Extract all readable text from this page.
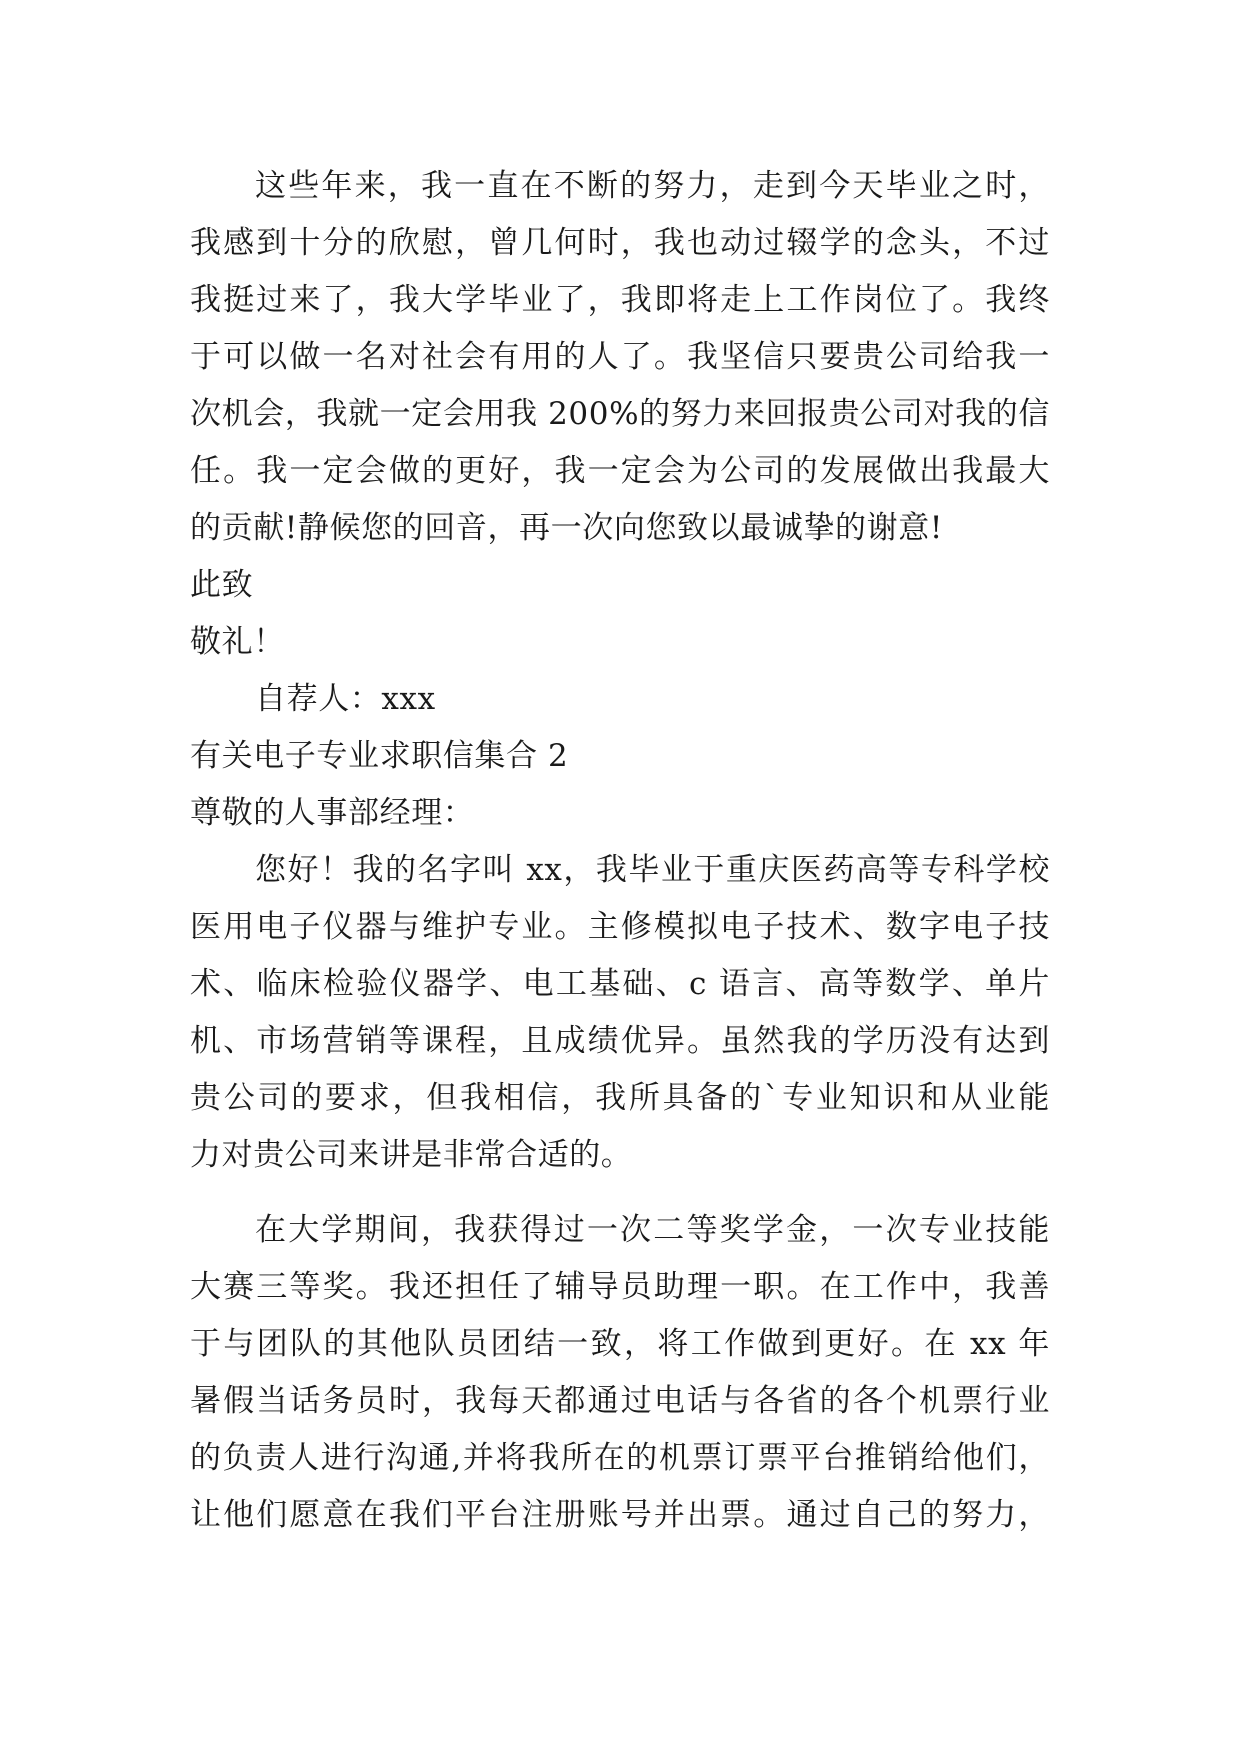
这些年来，我一直在不断的努力，走到今天毕业之时，
我感到十分的欣慰，曾几何时，我也动过辍学的念头，不过
我挺过来了，我大学毕业了，我即将走上工作岗位了。我终
于可以做一名对社会有用的人了。我坚信只要贵公司给我一
次机会，我就一定会用我 200%的努力来回报贵公司对我的信
任。我一定会做的更好，我一定会为公司的发展做出我最大
的贡献!静候您的回音，再一次向您致以最诚挚的谢意!
此致
敬礼！
自荐人：xxx
有关电子专业求职信集合 2
尊敬的人事部经理：
您好！我的名字叫 xx，我毕业于重庆医药高等专科学校
医用电子仪器与维护专业。主修模拟电子技术、数字电子技
术、临床检验仪器学、电工基础、c 语言、高等数学、单片
机、市场营销等课程，且成绩优异。虽然我的学历没有达到
贵公司的要求，但我相信，我所具备的`专业知识和从业能
力对贵公司来讲是非常合适的。
在大学期间，我获得过一次二等奖学金，一次专业技能
大赛三等奖。我还担任了辅导员助理一职。在工作中，我善
于与团队的其他队员团结一致，将工作做到更好。在 xx 年
暑假当话务员时，我每天都通过电话与各省的各个机票行业
的负责人进行沟通,并将我所在的机票订票平台推销给他们，
让他们愿意在我们平台注册账号并出票。通过自己的努力，
